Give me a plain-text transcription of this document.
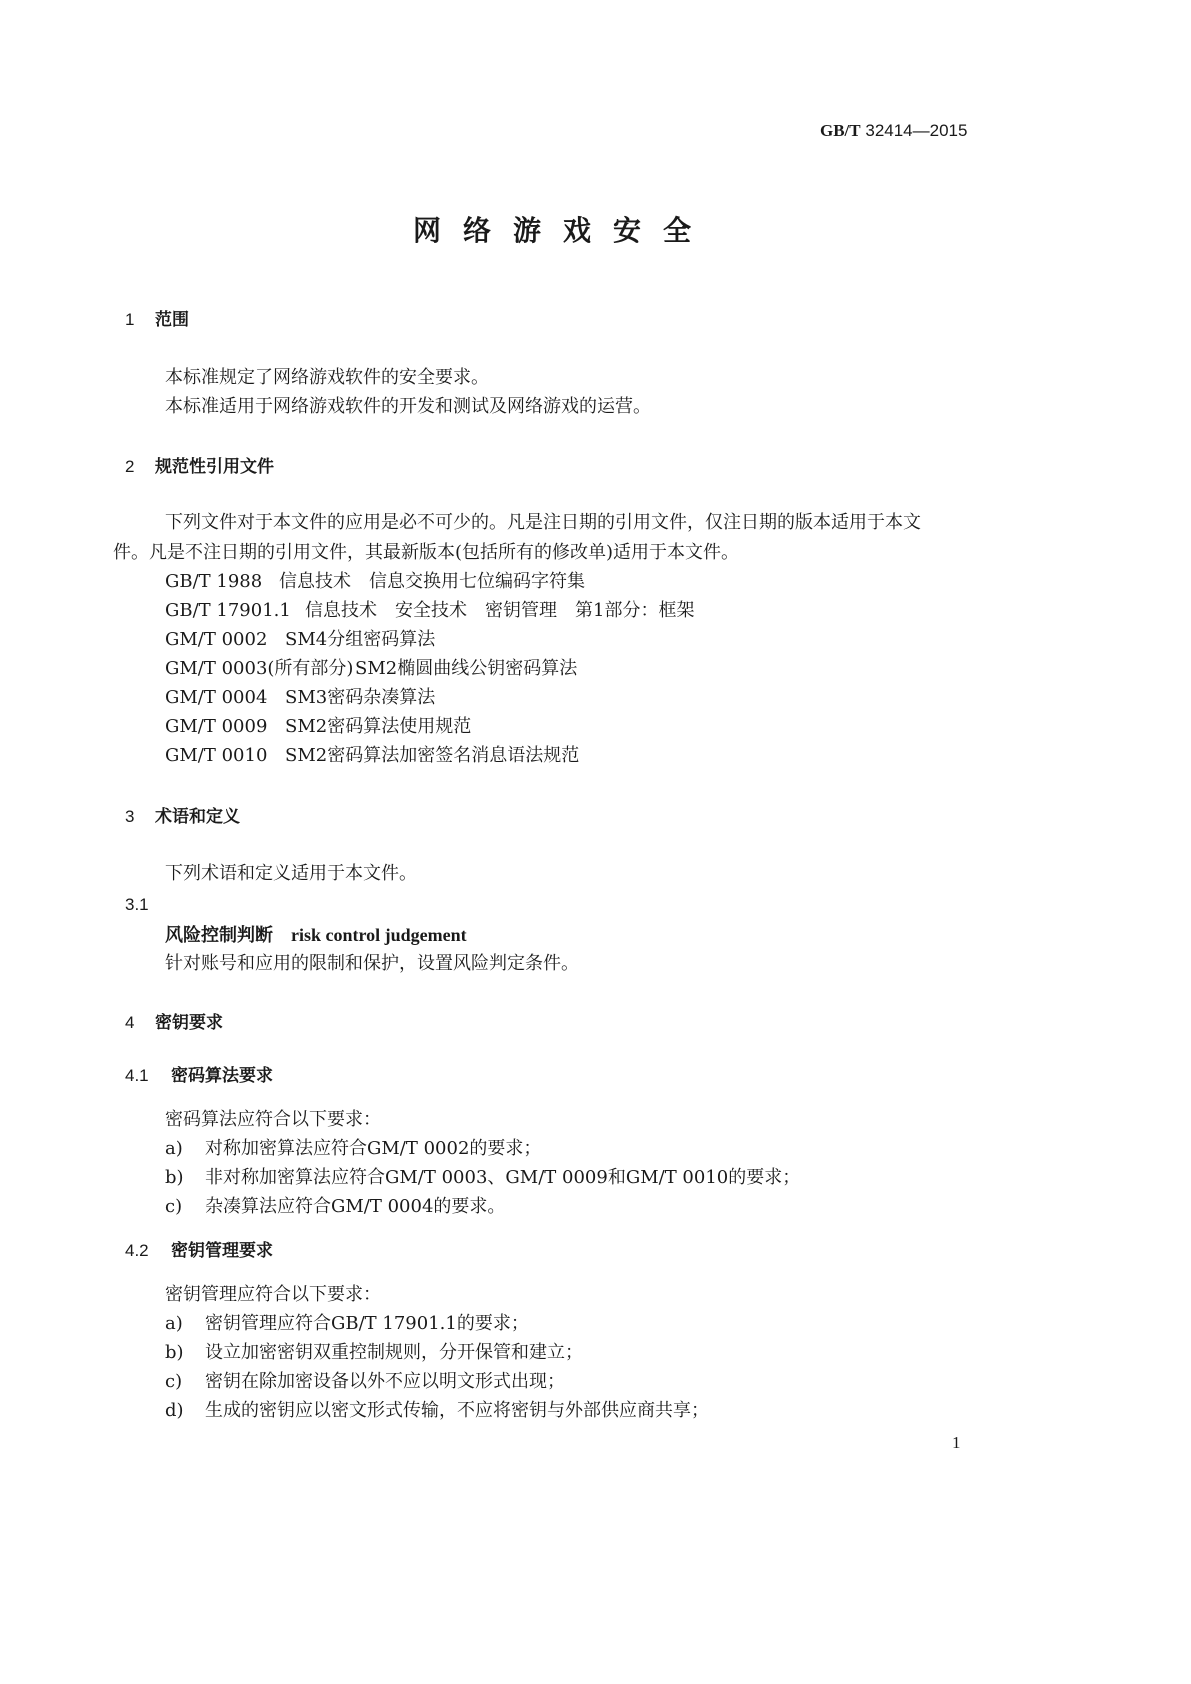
GB/T 32414—2015
网络游戏安全
1 范围
本标准规定了网络游戏软件的安全要求。
本标准适用于网络游戏软件的开发和测试及网络游戏的运营。
2 规范性引用文件
下列文件对于本文件的应用是必不可少的。凡是注日期的引用文件，仅注日期的版本适用于本文
件。凡是不注日期的引用文件，其最新版本(包括所有的修改单)适用于本文件。
GB/T 1988 信息技术　信息交换用七位编码字符集
GB/T 17901.1 信息技术　安全技术　密钥管理　第1部分：框架
GM/T 0002 SM4分组密码算法
GM/T 0003(所有部分)SM2椭圆曲线公钥密码算法
GM/T 0004 SM3密码杂凑算法
GM/T 0009 SM2密码算法使用规范
GM/T 0010 SM2密码算法加密签名消息语法规范
3 术语和定义
下列术语和定义适用于本文件。
3.1
风险控制判断 risk control judgement
针对账号和应用的限制和保护，设置风险判定条件。
4 密钥要求
4.1 密码算法要求
密码算法应符合以下要求：
a) 对称加密算法应符合GM/T 0002的要求；
b) 非对称加密算法应符合GM/T 0003、GM/T 0009和GM/T 0010的要求；
c) 杂凑算法应符合GM/T 0004的要求。
4.2 密钥管理要求
密钥管理应符合以下要求：
a) 密钥管理应符合GB/T 17901.1的要求；
b) 设立加密密钥双重控制规则，分开保管和建立；
c) 密钥在除加密设备以外不应以明文形式出现；
d) 生成的密钥应以密文形式传输，不应将密钥与外部供应商共享；
1
